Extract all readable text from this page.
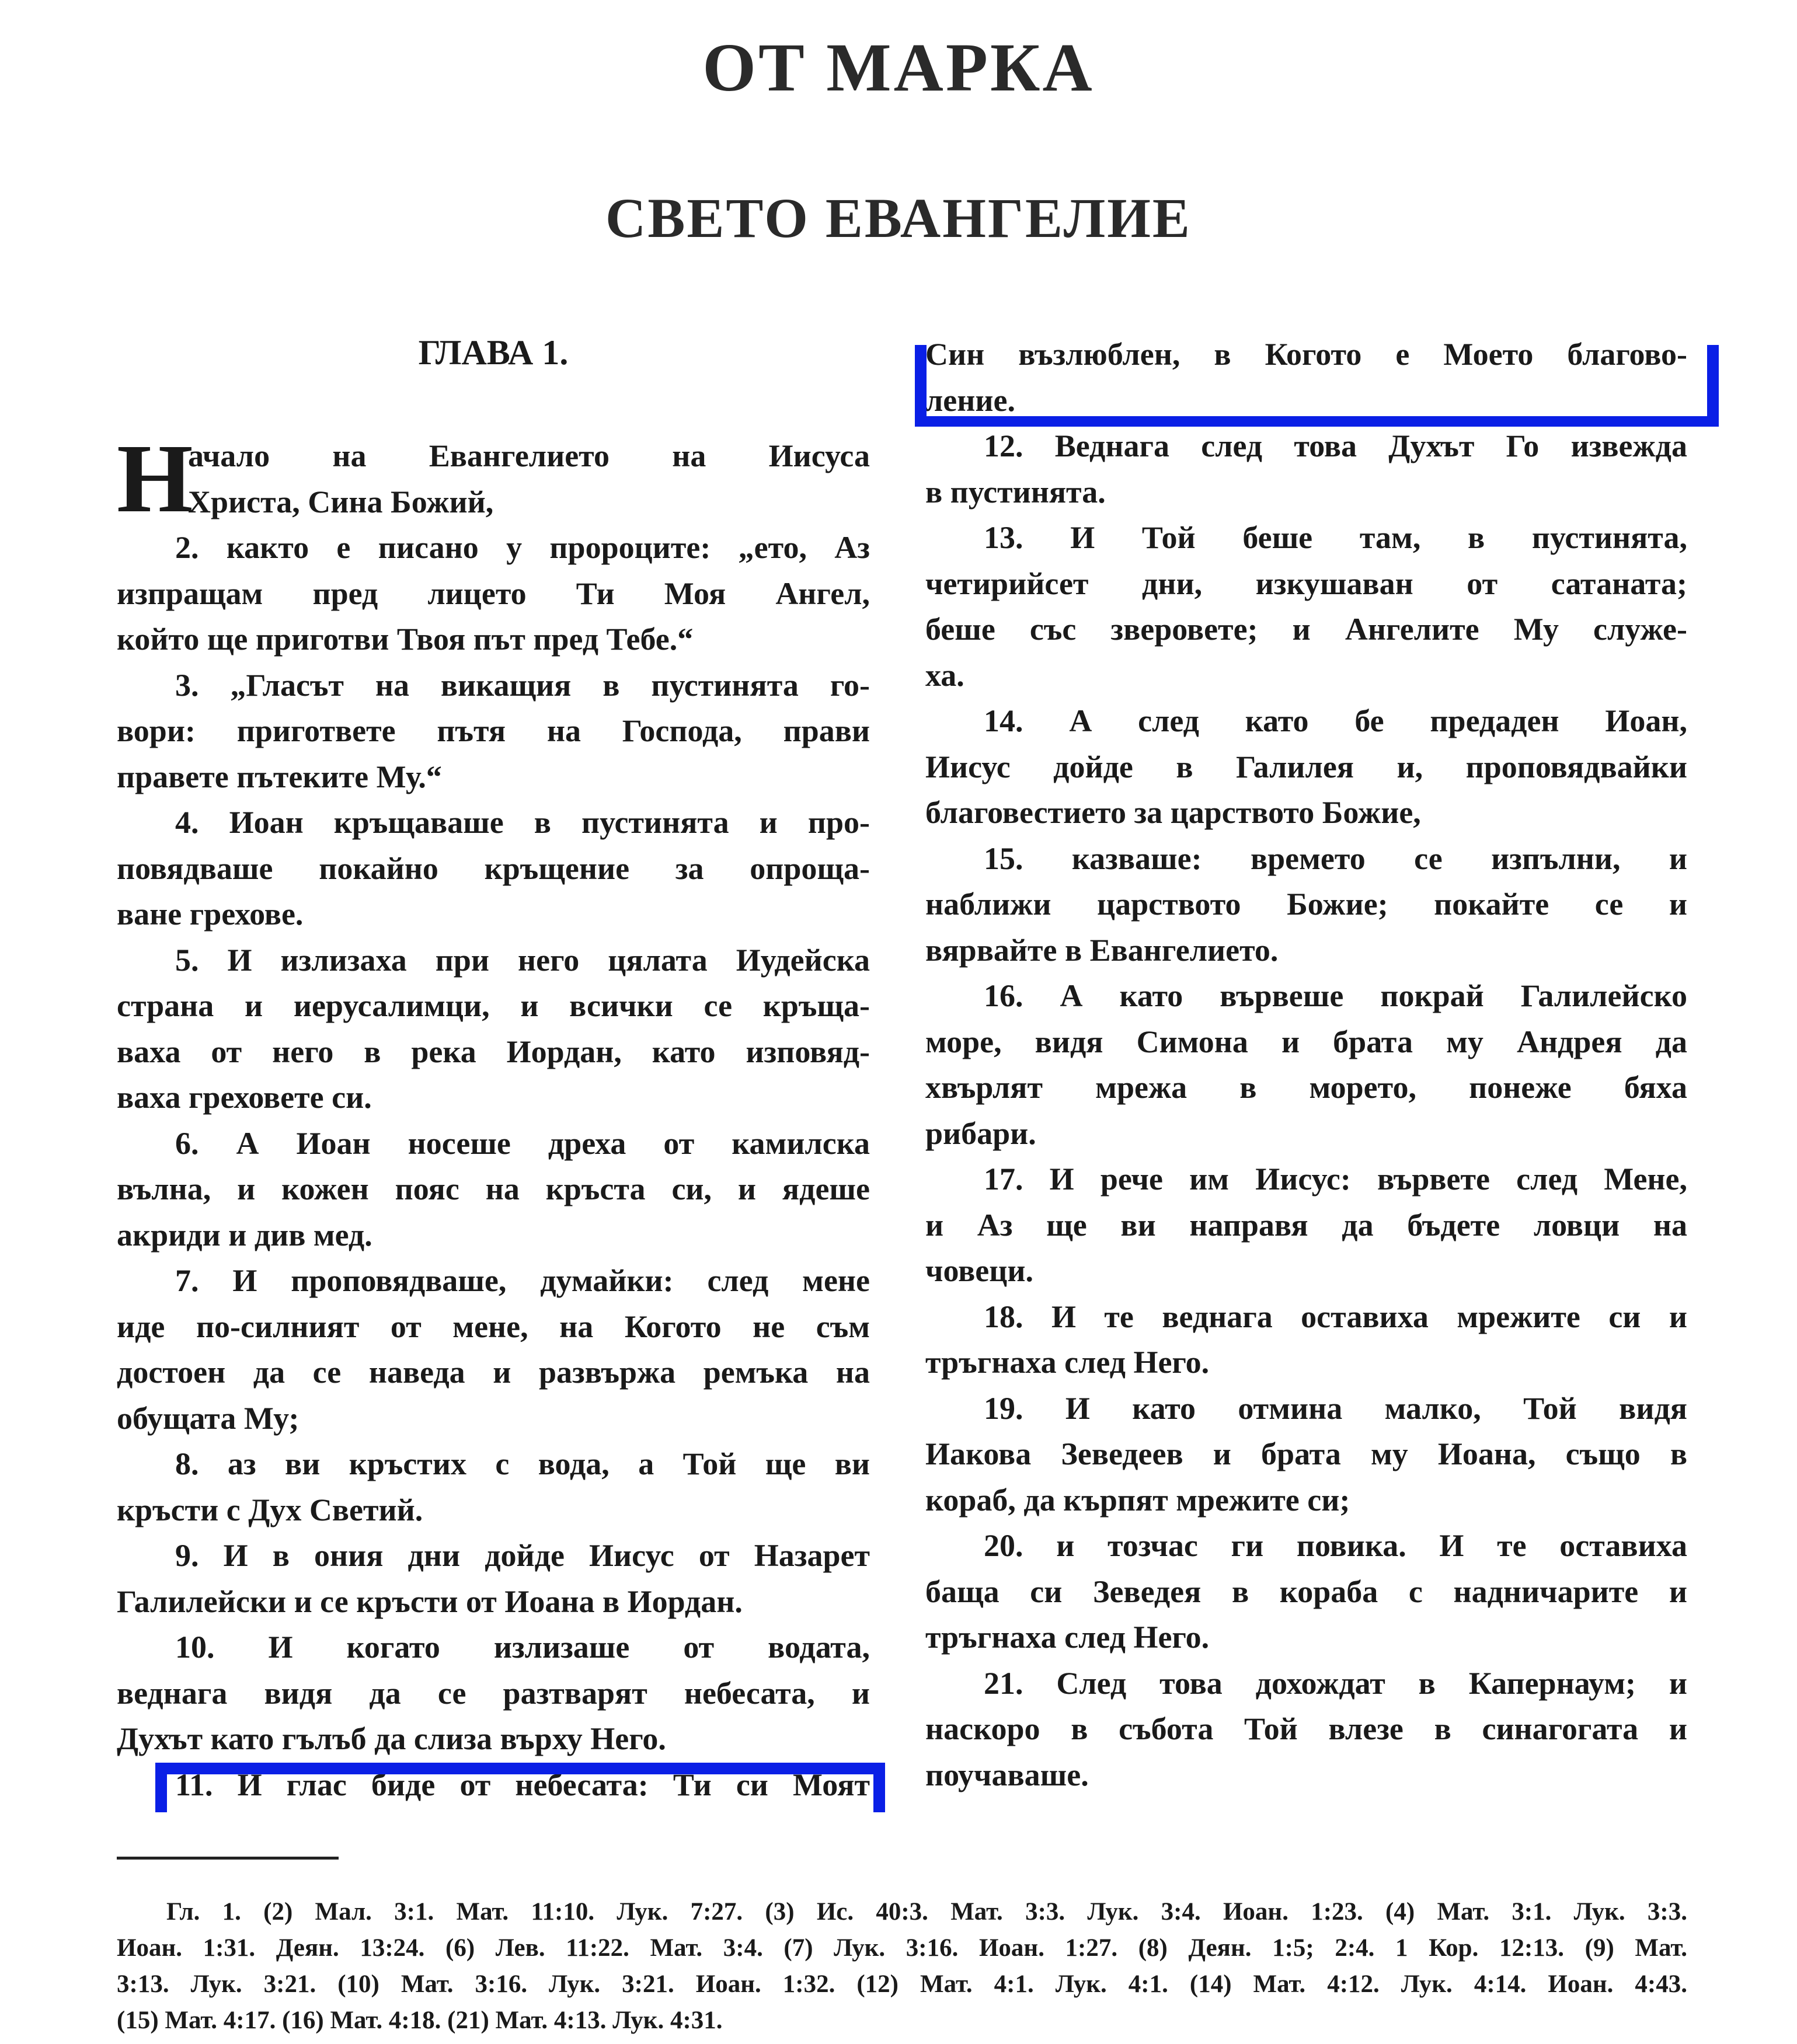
ОТ МАРКА
СВЕТО ЕВАНГЕЛИЕ
ГЛАВА 1.
Н
ачало на Евангелието на Иисуса
Христа, Сина Божий,
2. както е писано у пророците: „ето, Аз
изпращам пред лицето Ти Моя Ангел,
който ще приготви Твоя път пред Тебе.“
3. „Гласът на викащия в пустинята го-
вори: пригответе пътя на Господа, прави
правете пътеките Му.“
4. Иоан кръщаваше в пустинята и про-
повядваше покайно кръщение за опроща-
ване грехове.
5. И излизаха при него цялата Иудейска
страна и иерусалимци, и всички се кръща-
ваха от него в река Иордан, като изповяд-
ваха греховете си.
6. А Иоан носеше дреха от камилска
вълна, и кожен пояс на кръста си, и ядеше
акриди и див мед.
7. И проповядваше, думайки: след мене
иде по-силният от мене, на Когото не съм
достоен да се наведа и развържа ремъка на
обущата Му;
8. аз ви кръстих с вода, а Той ще ви
кръсти с Дух Светий.
9. И в ония дни дойде Иисус от Назарет
Галилейски и се кръсти от Иоана в Иордан.
10. И когато излизаше от водата,
веднага видя да се разтварят небесата, и
Духът като гълъб да слиза върху Него.
11. И глас биде от небесата: Ти си Моят
Син възлюблен, в Когото е Моето благово-
ление.
12. Веднага след това Духът Го извежда
в пустинята.
13. И Той беше там, в пустинята,
четирийсет дни, изкушаван от сатаната;
беше със зверовете; и Ангелите Му служе-
ха.
14. А след като бе предаден Иоан,
Иисус дойде в Галилея и, проповядвайки
благовестието за царството Божие,
15. казваше: времето се изпълни, и
наближи царството Божие; покайте се и
вярвайте в Евангелието.
16. А като вървеше покрай Галилейско
море, видя Симона и брата му Андрея да
хвърлят мрежа в морето, понеже бяха
рибари.
17. И рече им Иисус: вървете след Мене,
и Аз ще ви направя да бъдете ловци на
човеци.
18. И те веднага оставиха мрежите си и
тръгнаха след Него.
19. И като отмина малко, Той видя
Иакова Зеведеев и брата му Иоана, също в
кораб, да кърпят мрежите си;
20. и тозчас ги повика. И те оставиха
баща си Зеведея в кораба с надничарите и
тръгнаха след Него.
21. След това дохождат в Капернаум; и
наскоро в събота Той влезе в синагогата и
поучаваше.
Гл. 1. (2) Мал. 3:1. Мат. 11:10. Лук. 7:27. (3) Ис. 40:3. Мат. 3:3. Лук. 3:4. Иоан. 1:23. (4) Мат. 3:1. Лук. 3:3.
Иоан. 1:31. Деян. 13:24. (6) Лев. 11:22. Мат. 3:4. (7) Лук. 3:16. Иоан. 1:27. (8) Деян. 1:5; 2:4. 1 Кор. 12:13. (9) Мат.
3:13. Лук. 3:21. (10) Мат. 3:16. Лук. 3:21. Иоан. 1:32. (12) Мат. 4:1. Лук. 4:1. (14) Мат. 4:12. Лук. 4:14. Иоан. 4:43.
(15) Мат. 4:17. (16) Мат. 4:18. (21) Мат. 4:13. Лук. 4:31.
